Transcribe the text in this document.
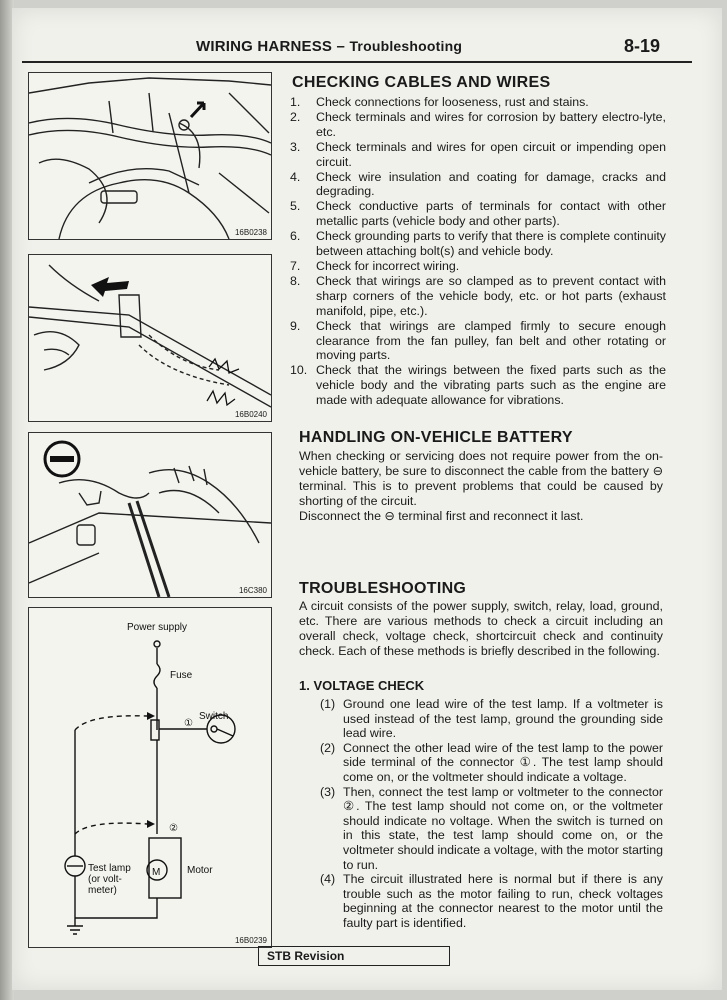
WIRING HARNESS – Troubleshooting	8-19
16B0238
16B0240
16C380
Power supply
Fuse
Switch
①
②
Test lamp
(or volt-
meter)
Motor
M
16B0239
CHECKING CABLES AND WIRES
1. Check connections for looseness, rust and stains.
2. Check terminals and wires for corrosion by battery electro-lyte, etc.
3. Check terminals and wires for open circuit or impending open circuit.
4. Check wire insulation and coating for damage, cracks and degrading.
5. Check conductive parts of terminals for contact with other metallic parts (vehicle body and other parts).
6. Check grounding parts to verify that there is complete continuity between attaching bolt(s) and vehicle body.
7. Check for incorrect wiring.
8. Check that wirings are so clamped as to prevent contact with sharp corners of the vehicle body, etc. or hot parts (exhaust manifold, pipe, etc.).
9. Check that wirings are clamped firmly to secure enough clearance from the fan pulley, fan belt and other rotating or moving parts.
10. Check that the wirings between the fixed parts such as the vehicle body and the vibrating parts such as the engine are made with adequate allowance for vibrations.
HANDLING ON-VEHICLE BATTERY

When checking or servicing does not require power from the on-vehicle battery, be sure to disconnect the cable from the battery ⊖ terminal. This is to prevent problems that could be caused by shorting of the circuit.

Disconnect the ⊖ terminal first and reconnect it last.

TROUBLESHOOTING

A circuit consists of the power supply, switch, relay, load, ground, etc. There are various methods to check a circuit including an overall check, voltage check, shortcircuit check and continuity check. Each of these methods is briefly described in the following.

1. VOLTAGE CHECK
(1) Ground one lead wire of the test lamp. If a voltmeter is used instead of the test lamp, ground the grounding side lead wire.
(2) Connect the other lead wire of the test lamp to the power side terminal of the connector ①. The test lamp should come on, or the voltmeter should indicate a voltage.
(3) Then, connect the test lamp or voltmeter to the connector ②. The test lamp should not come on, or the voltmeter should indicate no voltage. When the switch is turned on in this state, the test lamp should come on, or the voltmeter should indicate a voltage, with the motor starting to run.
(4) The circuit illustrated here is normal but if there is any trouble such as the motor failing to run, check voltages beginning at the connector nearest to the motor until the faulty part is identified.
STB Revision
